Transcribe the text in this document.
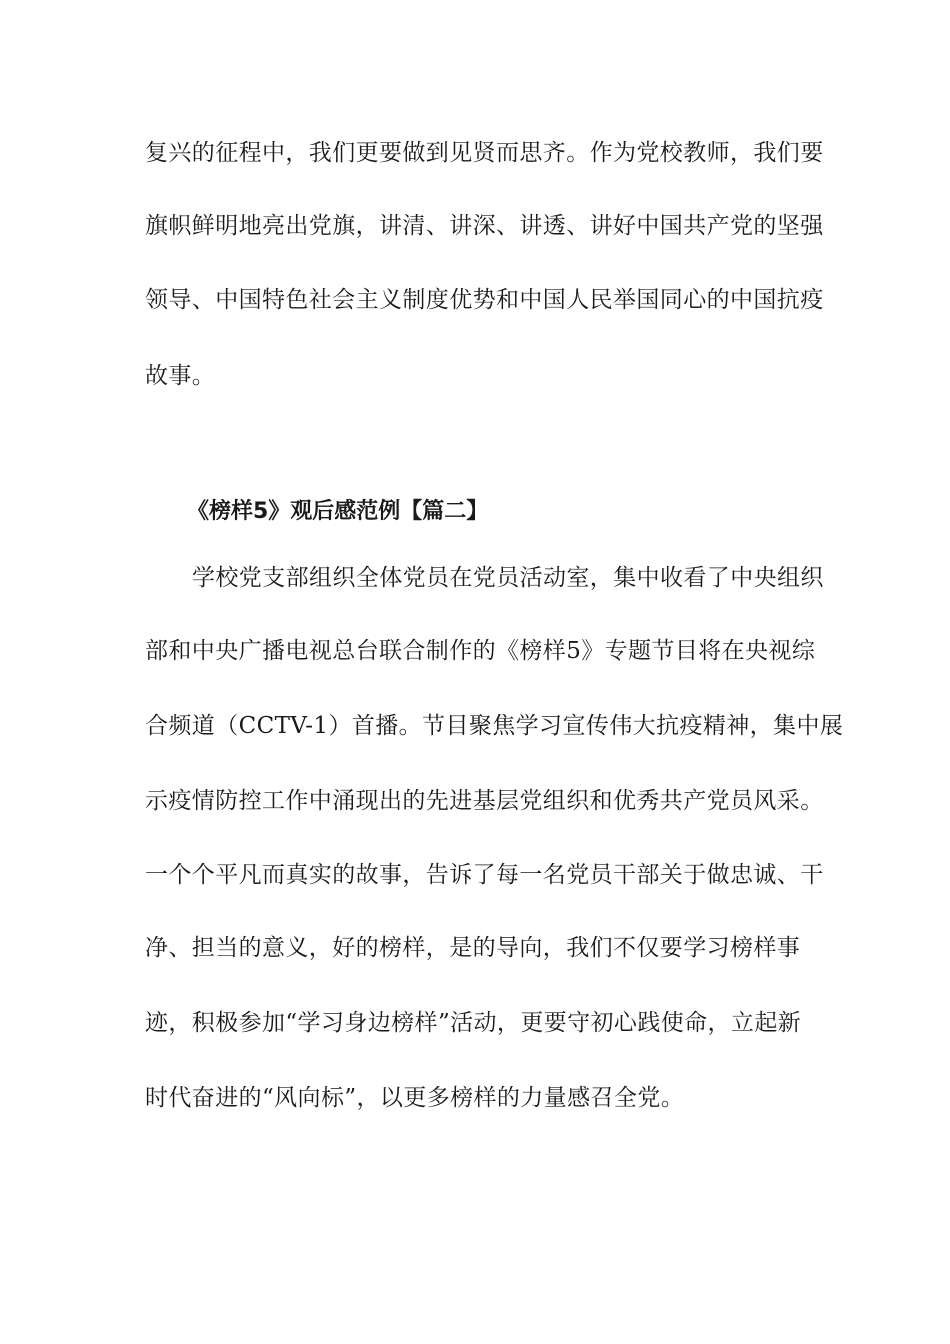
复兴的征程中，我们更要做到见贤而思齐。作为党校教师，我们要
旗帜鲜明地亮出党旗，讲清、讲深、讲透、讲好中国共产党的坚强
领导、中国特色社会主义制度优势和中国人民举国同心的中国抗疫
故事。
《榜样5》观后感范例【篇二】
学校党支部组织全体党员在党员活动室，集中收看了中央组织
部和中央广播电视总台联合制作的《榜样5》专题节目将在央视综
合频道（CCTV-1）首播。节目聚焦学习宣传伟大抗疫精神，集中展
示疫情防控工作中涌现出的先进基层党组织和优秀共产党员风采。
一个个平凡而真实的故事，告诉了每一名党员干部关于做忠诚、干
净、担当的意义，好的榜样，是的导向，我们不仅要学习榜样事
迹，积极参加“学习身边榜样”活动，更要守初心践使命，立起新
时代奋进的“风向标”，以更多榜样的力量感召全党。
